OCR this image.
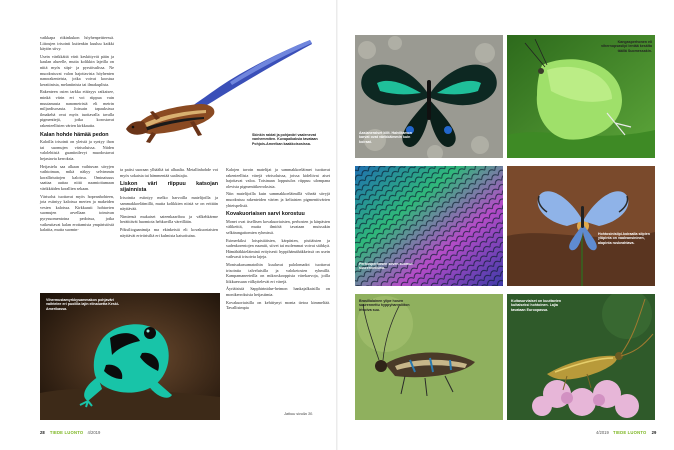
vaikkapa riikinkukon höyhenpeitteessä. Liitoujen irisointi kuitenkin kuuluu kaikki käytön siivy.

Usein värikkäitä värit keskittyvät pään ja kaulan alueelle, mutta kolikkin lajeilla on niitä myös siipi- ja pyrstösulissa. Ne muodostuvat valon hajottavista höyhenten nanorakenteista, jotka voivat koostua keratiinista, melaniinista tai ilmakuplista.

Rakenteen osien tarkka etäisyys ratkaisee, minkä värin eri voi riippua vain muutamasta nanometristä eli metrin miljardisosasta. Joissain tapauksissa ilmakehä ovat myös tuottavalla tavalla pigmenttejä, jotka korostavat rakenteellisten värien kirkkautta.

Kalan hohde hämää pedon

Kaloilla irisointi on yleistä ja syntyy ihon tai suomujen värisoluissa. Niiden valolehtisiä guaniinilevyt muodostavat hejastavia kerroksia.

Heijastelu saa alkaan vaihtuvan sävyjen vaihtoiman, mikä näkyy selvimmin koralliriuttojen kaloissa. Ominaisuus saattaa auttaa niitä naamioitumaan värikkäiden korallien sekaan.

Värisolut tuottavat myös hopeanhohteen, jota esiintyy kaloissa merten ja makeiden vesien kaloissa. Kirkkaasti hohtavien suomujen arvellaan toimivan pyrysuomentoina pedoissa, jotka vaikeuttavat kalan erottamista ympäristöstä kalaiita, mutta suomin-

Skinkin raidat ja pohjaväri vaalenevat vanhemmiten. Kuvapaikaksia tavataan Pohjois-Amerikan kaakkoisosissa.

ta paitsi suoraan ylhäältä tai alhaalta. Metallinhohde voi myös sokaista tai hämmentää saalistajia.

Liskon väri riippuu katsojan sijainnista

Irisointia esiintyy melko harvoilla matelijoilla ja sammakkoeläimillä, mutta kolikkien niistä se on erittäin näyttävää.

Nimiensä mukaiset sateenkaariboa ja välkehkärme heräittävät huomiota hehkuvilla väreillään.

Pöksiliogaanimija ma ekinkeistä eli kovakuoriaisten näyttävät erivärisiltä eri kulmista katsottuina.

Kalojen tavoin matelijat ja sammakkoeläimet tuottavat rakenteellisia värejä värisoluissa, joissa kideliivat aiset hajottavat valoa. Toisinaan lopputulos riippuu ulompana olevista pigmenttikerroksista.

Niin matelijoilla kuin sammakkoeläimillä viheää sävyjä muodostuu rakenteiden värien ja keltaisten pigmenttivärien yhteispelistä.

Kovakuoriaisen sarvi korostuu

Monet ovat itsellisen kovakuoriaisten, perhosten ja kärpästen väliketttä, mutta ilmiötä tavataan muissakin selkärangattomien ryhmissä.

Esimerkiksi loispistiäisten, kärpästen, pistiäisten ja sudenkorentojen ruumiit, siivet tai molemmat voivat säihkyä. Hämähäkkieläiminä erityisesti hyppihämähäkkeissä on usein vaihvasti irisoivia lajeja.

Monisukassamatoihin kuuluvat palolomadot tuottavat irisointia talveluisilla ja valoketosien ryhmillä. Kampamaneeteilla on mikroskooppisia värekarvoja, joilla liikkuessaan välkyttelevät eri värejä.

Äyriäisistä Sapphirinidae-heimon hankajalkaisilla on monikerroksisia heijastimia.

Kovakuoriaisilla on kehittynyt monta tietoa kimmeltää. Tavallisimpia

Jatkuu sivulla 30.
Vihermustamyrkkysammakon pohjaväri vaihtelee eri puolilla lajin elinaluetta Keski-Amerikassa.
28 TIEDE LUONTO 4/2019
Aasianeraiset kiilt. Haiviltamon karvat ovat värikkäimmin kuin koiraat.
Kangasperhonen eli vihernopsasiipi lentää kesälta täällä Suomessakin.
Perhosperhosen siiven suomut suurennettuna.
Hohtosinisiipi-koiraalla siipien yläpinta on vaaleansininen, alapinta ruskeahtava.
Brasilialainen ylipe hosen suurennettu hyppyharvaliiton irisoiva suu.
Kultasurviaiset on kuuttavien kultaiseksi hohtoinen. Lajia tavataan Euroopassa.
4/2019 TIEDE LUONTO 29
